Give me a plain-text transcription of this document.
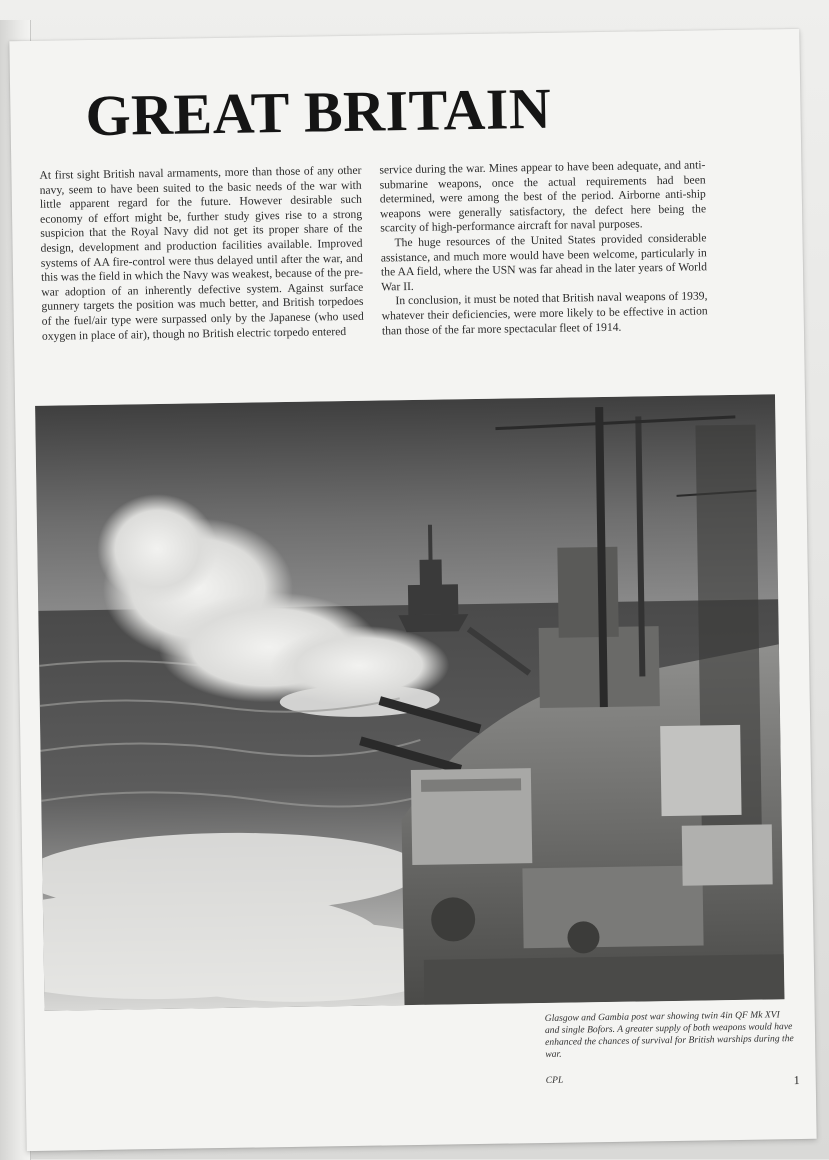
GREAT BRITAIN

At first sight British naval armaments, more than those of any other navy, seem to have been suited to the basic needs of the war with little apparent regard for the future. However desirable such economy of effort might be, further study gives rise to a strong suspicion that the Royal Navy did not get its proper share of the design, development and production facilities available. Improved systems of AA fire-control were thus delayed until after the war, and this was the field in which the Navy was weakest, because of the pre-war adoption of an inherently defective system. Against surface gunnery targets the position was much better, and British torpedoes of the fuel/air type were surpassed only by the Japanese (who used oxygen in place of air), though no British electric torpedo entered

service during the war. Mines appear to have been adequate, and anti-submarine weapons, once the actual requirements had been determined, were among the best of the period. Airborne anti-ship weapons were generally satisfactory, the defect here being the scarcity of high-performance aircraft for naval purposes.

The huge resources of the United States provided considerable assistance, and much more would have been welcome, particularly in the AA field, where the USN was far ahead in the later years of World War II.

In conclusion, it must be noted that British naval weapons of 1939, whatever their deficiencies, were more likely to be effective in action than those of the far more spectacular fleet of 1914.

Glasgow and Gambia post war showing twin 4in QF Mk XVI and single Bofors. A greater supply of both weapons would have enhanced the chances of survival for British warships during the war.

CPL	1
